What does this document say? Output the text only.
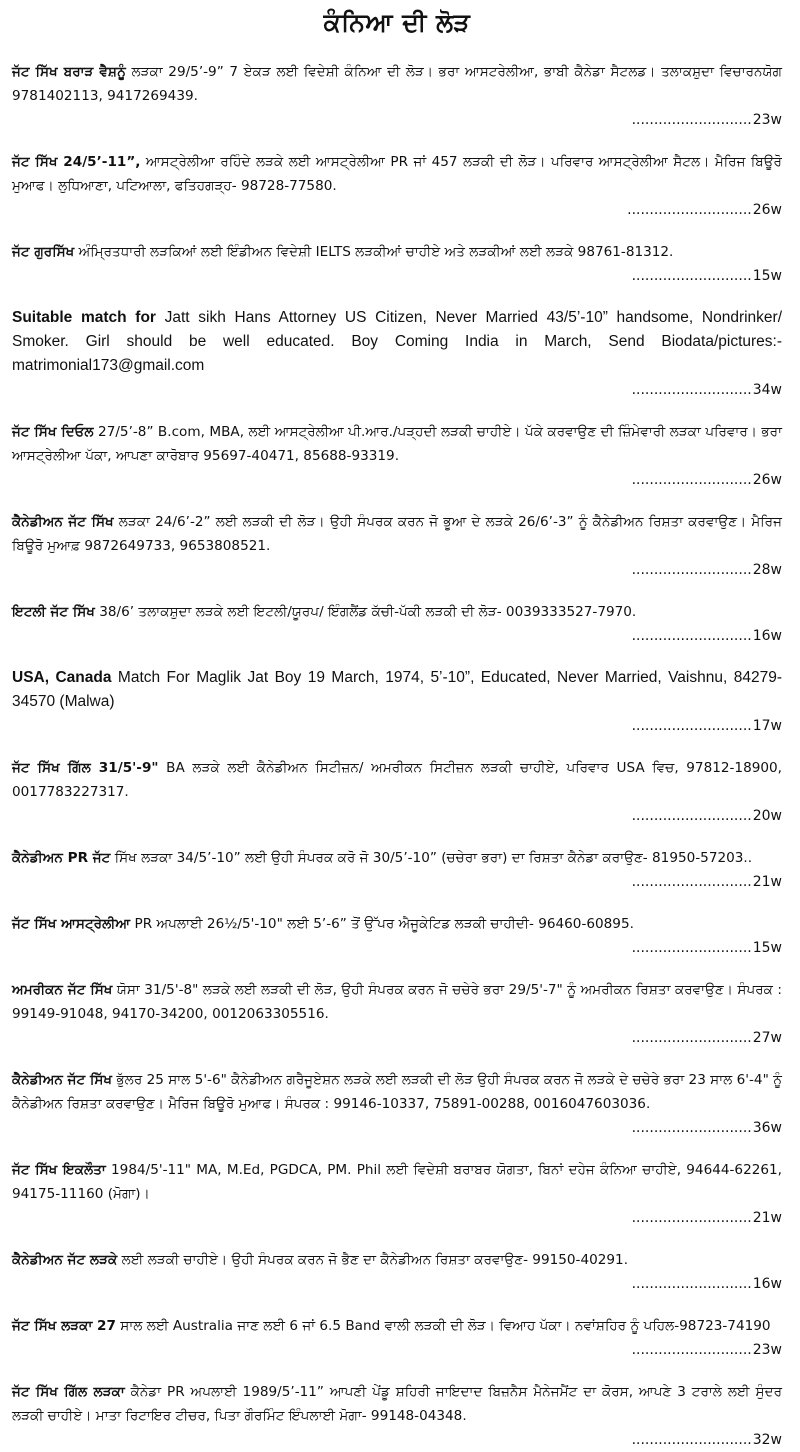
ਕੰਨਿਆ ਦੀ ਲੋੜ
ਜੱਟ ਸਿੱਖ ਬਰਾੜ ਵੈਸ਼ਨੂੰ ਲੜਕਾ 29/5’-9” 7 ਏਕੜ ਲਈ ਵਿਦੇਸ਼ੀ ਕੰਨਿਆ ਦੀ ਲੋੜ। ਭਰਾ ਆਸਟਰੇਲੀਆ, ਭਾਬੀ ਕੈਨੇਡਾ ਸੈਟਲਡ। ਤਲਾਕਸ਼ੁਦਾ ਵਿਚਾਰਨਯੋਗ 9781402113, 9417269439.
...........................23w
ਜੱਟ ਸਿੱਖ 24/5’-11”, ਆਸਟ੍ਰੇਲੀਆ ਰਹਿੰਦੇ ਲੜਕੇ ਲਈ ਆਸਟ੍ਰੇਲੀਆ PR ਜਾਂ 457 ਲੜਕੀ ਦੀ ਲੋੜ। ਪਰਿਵਾਰ ਆਸਟ੍ਰੇਲੀਆ ਸੈਟਲ। ਮੈਰਿਜ ਬਿਊਰੋ ਮੁਆਫ। ਲੁਧਿਆਣਾ, ਪਟਿਆਲਾ, ਫਤਿਹਗੜ੍ਹ- 98728-77580.
............................26w
ਜੱਟ ਗੁਰਸਿੱਖ ਅੰਮ੍ਰਿਤਧਾਰੀ ਲੜਕਿਆਂ ਲਈ ਇੰਡੀਅਨ ਵਿਦੇਸ਼ੀ IELTS ਲੜਕੀਆਂ ਚਾਹੀਏ ਅਤੇ ਲੜਕੀਆਂ ਲਈ ਲੜਕੇ 98761-81312.
...........................15w
Suitable match for Jatt sikh Hans Attorney US Citizen, Never Married 43/5’-10” handsome, Nondrinker/ Smoker. Girl should be well educated. Boy Coming India in March, Send Biodata/pictures:- matrimonial173@gmail.com
...........................34w
ਜੱਟ ਸਿੱਖ ਦਿਓਲ 27/5’-8” B.com, MBA, ਲਈ ਆਸਟ੍ਰੇਲੀਆ ਪੀ.ਆਰ./ਪੜ੍ਹਦੀ ਲੜਕੀ ਚਾਹੀਏ। ਪੱਕੇ ਕਰਵਾਉਣ ਦੀ ਜ਼ਿੰਮੇਵਾਰੀ ਲੜਕਾ ਪਰਿਵਾਰ। ਭਰਾ ਆਸਟ੍ਰੇਲੀਆ ਪੱਕਾ, ਆਪਣਾ ਕਾਰੋਬਾਰ 95697-40471, 85688-93319.
...........................26w
ਕੈਨੇਡੀਅਨ ਜੱਟ ਸਿੱਖ ਲੜਕਾ 24/6’-2” ਲਈ ਲੜਕੀ ਦੀ ਲੋੜ। ਉਹੀ ਸੰਪਰਕ ਕਰਨ ਜੋ ਭੂਆ ਦੇ ਲੜਕੇ 26/6’-3” ਨੂੰ ਕੈਨੇਡੀਅਨ ਰਿਸ਼ਤਾ ਕਰਵਾਉਣ। ਮੈਰਿਜ ਬਿਊਰੋ ਮੁਆਫ਼ 9872649733, 9653808521.
...........................28w
ਇਟਲੀ ਜੱਟ ਸਿੱਖ 38/6’ ਤਲਾਕਸ਼ੁਦਾ ਲੜਕੇ ਲਈ ਇਟਲੀ/ਯੂਰਪ/ ਇੰਗਲੈਂਡ ਕੱਚੀ-ਪੱਕੀ ਲੜਕੀ ਦੀ ਲੋੜ- 0039333527-7970.
...........................16w
USA, Canada Match For Maglik Jat Boy 19 March, 1974, 5’-10”, Educated, Never Married, Vaishnu, 84279-34570 (Malwa)
...........................17w
ਜੱਟ ਸਿੱਖ ਗਿੱਲ 31/5'-9" BA ਲੜਕੇ ਲਈ ਕੈਨੇਡੀਅਨ ਸਿਟੀਜ਼ਨ/ ਅਮਰੀਕਨ ਸਿਟੀਜ਼ਨ ਲੜਕੀ ਚਾਹੀਏ, ਪਰਿਵਾਰ USA ਵਿਚ, 97812-18900, 0017783227317.
...........................20w
ਕੈਨੇਡੀਅਨ PR ਜੱਟ ਸਿੱਖ ਲੜਕਾ 34/5’-10” ਲਈ ਉਹੀ ਸੰਪਰਕ ਕਰੋ ਜੋ 30/5’-10” (ਚਚੇਰਾ ਭਰਾ) ਦਾ ਰਿਸ਼ਤਾ ਕੈਨੇਡਾ ਕਰਾਉਣ- 81950-57203..
...........................21w
ਜੱਟ ਸਿੱਖ ਆਸਟ੍ਰੇਲੀਆ PR ਅਪਲਾਈ 26½/5'-10" ਲਈ 5’-6” ਤੋਂ ਉੱਪਰ ਐਜੂਕੇਟਿਡ ਲੜਕੀ ਚਾਹੀਦੀ- 96460-60895.
...........................15w
ਅਮਰੀਕਨ ਜੱਟ ਸਿੱਖ ਯੋਸਾ 31/5'-8" ਲੜਕੇ ਲਈ ਲੜਕੀ ਦੀ ਲੋੜ, ਉਹੀ ਸੰਪਰਕ ਕਰਨ ਜੋ ਚਚੇਰੇ ਭਰਾ 29/5'-7" ਨੂੰ ਅਮਰੀਕਨ ਰਿਸ਼ਤਾ ਕਰਵਾਉਣ। ਸੰਪਰਕ : 99149-91048, 94170-34200, 0012063305516.
...........................27w
ਕੈਨੇਡੀਅਨ ਜੱਟ ਸਿੱਖ ਭੁੱਲਰ 25 ਸਾਲ 5'-6" ਕੈਨੇਡੀਅਨ ਗਰੈਜੂਏਸ਼ਨ ਲੜਕੇ ਲਈ ਲੜਕੀ ਦੀ ਲੋੜ ਉਹੀ ਸੰਪਰਕ ਕਰਨ ਜੋ ਲੜਕੇ ਦੇ ਚਚੇਰੇ ਭਰਾ 23 ਸਾਲ 6'-4" ਨੂੰ ਕੈਨੇਡੀਅਨ ਰਿਸ਼ਤਾ ਕਰਵਾਉਣ। ਮੈਰਿਜ ਬਿਊਰੋ ਮੁਆਫ। ਸੰਪਰਕ : 99146-10337, 75891-00288, 0016047603036.
...........................36w
ਜੱਟ ਸਿੱਖ ਇਕਲੌਤਾ 1984/5'-11" MA, M.Ed, PGDCA, PM. Phil ਲਈ ਵਿਦੇਸ਼ੀ ਬਰਾਬਰ ਯੋਗਤਾ, ਬਿਨਾਂ ਦਹੇਜ ਕੰਨਿਆ ਚਾਹੀਏ, 94644-62261, 94175-11160 (ਮੋਗਾ)।
...........................21w
ਕੈਨੇਡੀਅਨ ਜੱਟ ਲੜਕੇ ਲਈ ਲੜਕੀ ਚਾਹੀਏ। ਉਹੀ ਸੰਪਰਕ ਕਰਨ ਜੋ ਭੈਣ ਦਾ ਕੈਨੇਡੀਅਨ ਰਿਸ਼ਤਾ ਕਰਵਾਉਣ- 99150-40291.
...........................16w
ਜੱਟ ਸਿੱਖ ਲੜਕਾ 27 ਸਾਲ ਲਈ Australia ਜਾਣ ਲਈ 6 ਜਾਂ 6.5 Band ਵਾਲੀ ਲੜਕੀ ਦੀ ਲੋੜ। ਵਿਆਹ ਪੱਕਾ। ਨਵਾਂਸ਼ਹਿਰ ਨੂੰ ਪਹਿਲ-98723-74190
...........................23w
ਜੱਟ ਸਿੱਖ ਗਿੱਲ ਲੜਕਾ ਕੈਨੇਡਾ PR ਅਪਲਾਈ 1989/5’-11” ਆਪਣੀ ਪੇਂਡੂ ਸ਼ਹਿਰੀ ਜਾਇਦਾਦ ਬਿਜ਼ਨੈਸ ਮੈਨੇਜਮੈਂਟ ਦਾ ਕੋਰਸ, ਆਪਣੇ 3 ਟਰਾਲੇ ਲਈ ਸੁੰਦਰ ਲੜਕੀ ਚਾਹੀਏ। ਮਾਤਾ ਰਿਟਾਇਰ ਟੀਚਰ, ਪਿਤਾ ਗੌਰਮਿੰਟ ਇੰਪਲਾਈ ਮੋਗਾ- 99148-04348.
...........................32w
